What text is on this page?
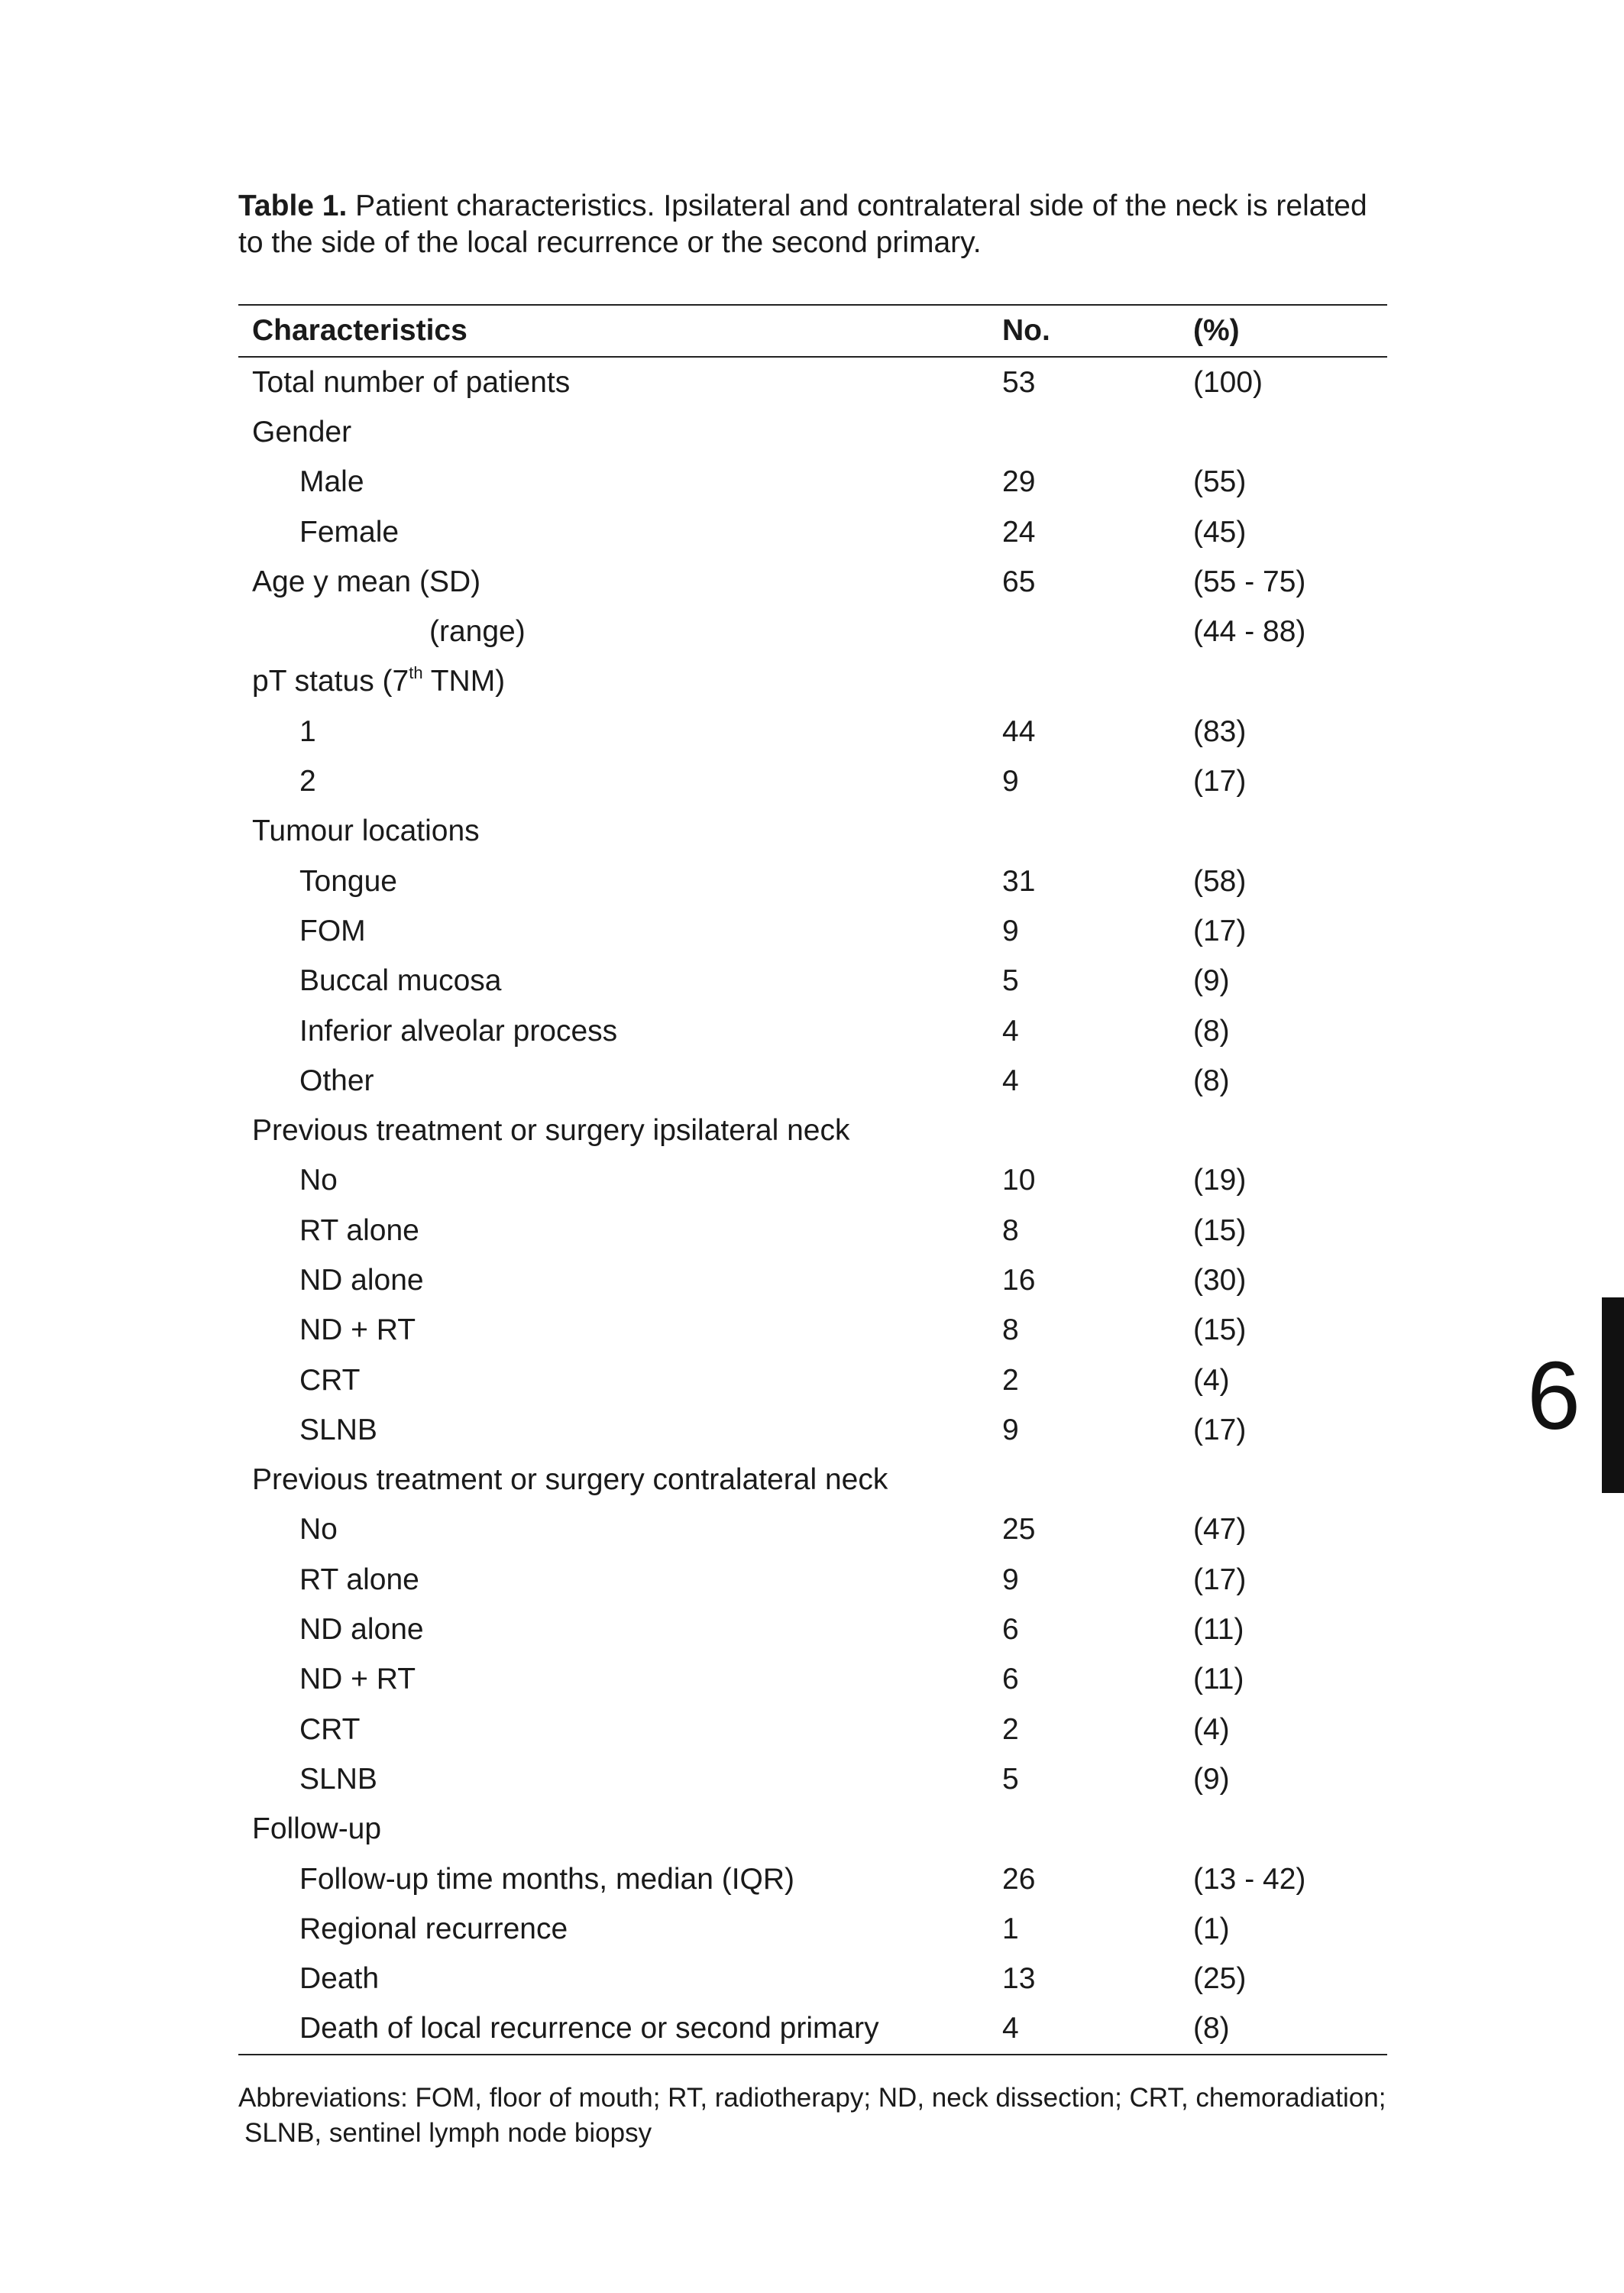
Table 1. Patient characteristics. Ipsilateral and contralateral side of the neck is related
to the side of the local recurrence or the second primary.
Characteristics	No.	(%)
Total number of patients	53	(100)
Gender		
Male	29	(55)
Female	24	(45)
Age y mean (SD)	65	(55 - 75)
(range)		(44 - 88)
pT status (7th TNM)		
1	44	(83)
2	9	(17)
Tumour locations		
Tongue	31	(58)
FOM	9	(17)
Buccal mucosa	5	(9)
Inferior alveolar process	4	(8)
Other	4	(8)
Previous treatment or surgery ipsilateral neck		
No	10	(19)
RT alone	8	(15)
ND alone	16	(30)
ND + RT	8	(15)
CRT	2	(4)
SLNB	9	(17)
Previous treatment or surgery contralateral neck		
No	25	(47)
RT alone	9	(17)
ND alone	6	(11)
ND + RT	6	(11)
CRT	2	(4)
SLNB	5	(9)
Follow-up		
Follow-up time months, median (IQR)	26	(13 - 42)
Regional recurrence	1	(1)
Death	13	(25)
Death of local recurrence or second primary	4	(8)
Abbreviations: FOM, floor of mouth; RT, radiotherapy; ND, neck dissection; CRT, chemoradiation;
SLNB, sentinel lymph node biopsy
6
